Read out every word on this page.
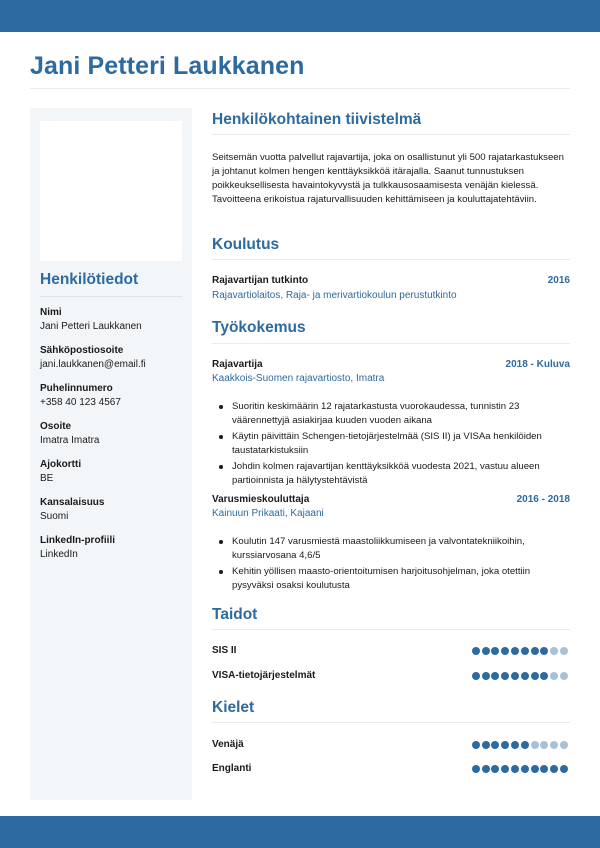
Jani Petteri Laukkanen
Henkilötiedot
Nimi
Jani Petteri Laukkanen
Sähköpostiosoite
jani.laukkanen@email.fi
Puhelinnumero
+358 40 123 4567
Osoite
Imatra Imatra
Ajokortti
BE
Kansalaisuus
Suomi
LinkedIn-profiili
LinkedIn
Henkilökohtainen tiivistelmä
Seitsemän vuotta palvellut rajavartija, joka on osallistunut yli 500 rajatarkastukseen ja johtanut kolmen hengen kenttäyksikköä itärajalla. Saanut tunnustuksen poikkeuksellisesta havaintokyvystä ja tulkkausosaamisesta venäjän kielessä. Tavoitteena erikoistua rajaturvallisuuden kehittämiseen ja kouluttajatehtäviin.
Koulutus
Rajavartijan tutkinto	2016
Rajavartiolaitos, Raja- ja merivartiokoulun perustutkinto
Työkokemus
Rajavartija	2018 - Kuluva
Kaakkois-Suomen rajavartiosto, Imatra
Suoritin keskimäärin 12 rajatarkastusta vuorokaudessa, tunnistin 23 väärennettyjä asiakirjaa kuuden vuoden aikana
Käytin päivittäin Schengen-tietojärjestelmää (SIS II) ja VISAa henkilöiden taustatarkistuksiin
Johdin kolmen rajavartijan kenttäyksikköä vuodesta 2021, vastuu alueen partioinnista ja hälytystehtävistä
Varusmieskouluttaja	2016 - 2018
Kainuun Prikaati, Kajaani
Koulutin 147 varusmiestä maastoliikkumiseen ja valvontatekniikoihin, kurssiarvosana 4,6/5
Kehitin yöllisen maasto-orientoitumisen harjoitusohjelman, joka otettiin pysyväksi osaksi koulutusta
Taidot
SIS II
VISA-tietojärjestelmät
Kielet
Venäjä
Englanti
